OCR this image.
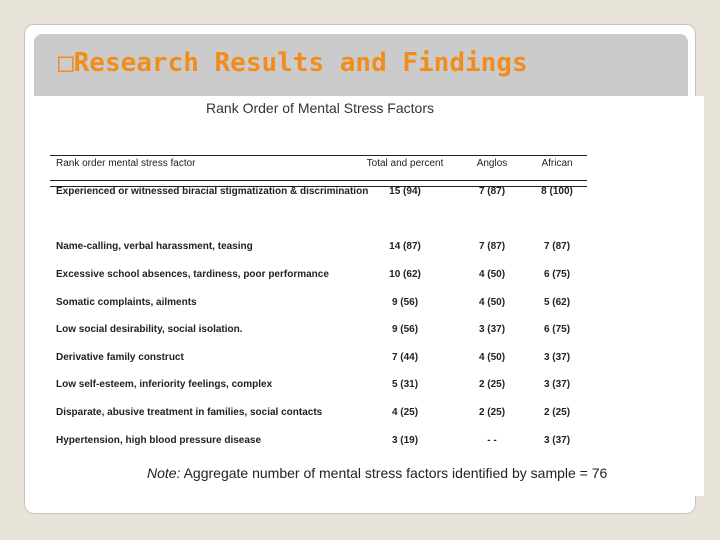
□Research Results and Findings
Rank Order of Mental Stress Factors
Rank order mental stress factor	Total and percent	Anglos	African
Experienced or witnessed biracial stigmatization & discrimination	15 (94)	7 (87)	8 (100)
Name-calling, verbal harassment, teasing	14 (87)	7 (87)	7 (87)
Excessive school absences, tardiness, poor performance	10 (62)	4 (50)	6 (75)
Somatic complaints, ailments	9 (56)	4 (50)	5 (62)
Low social desirability, social isolation.	9 (56)	3 (37)	6 (75)
Derivative family construct	7 (44)	4 (50)	3 (37)
Low self-esteem, inferiority feelings, complex	5 (31)	2 (25)	3 (37)
Disparate, abusive treatment in families, social contacts	4 (25)	2 (25)	2 (25)
Hypertension, high blood pressure disease	3 (19)	- -	3 (37)
Note: Aggregate number of mental stress factors identified by sample = 76
